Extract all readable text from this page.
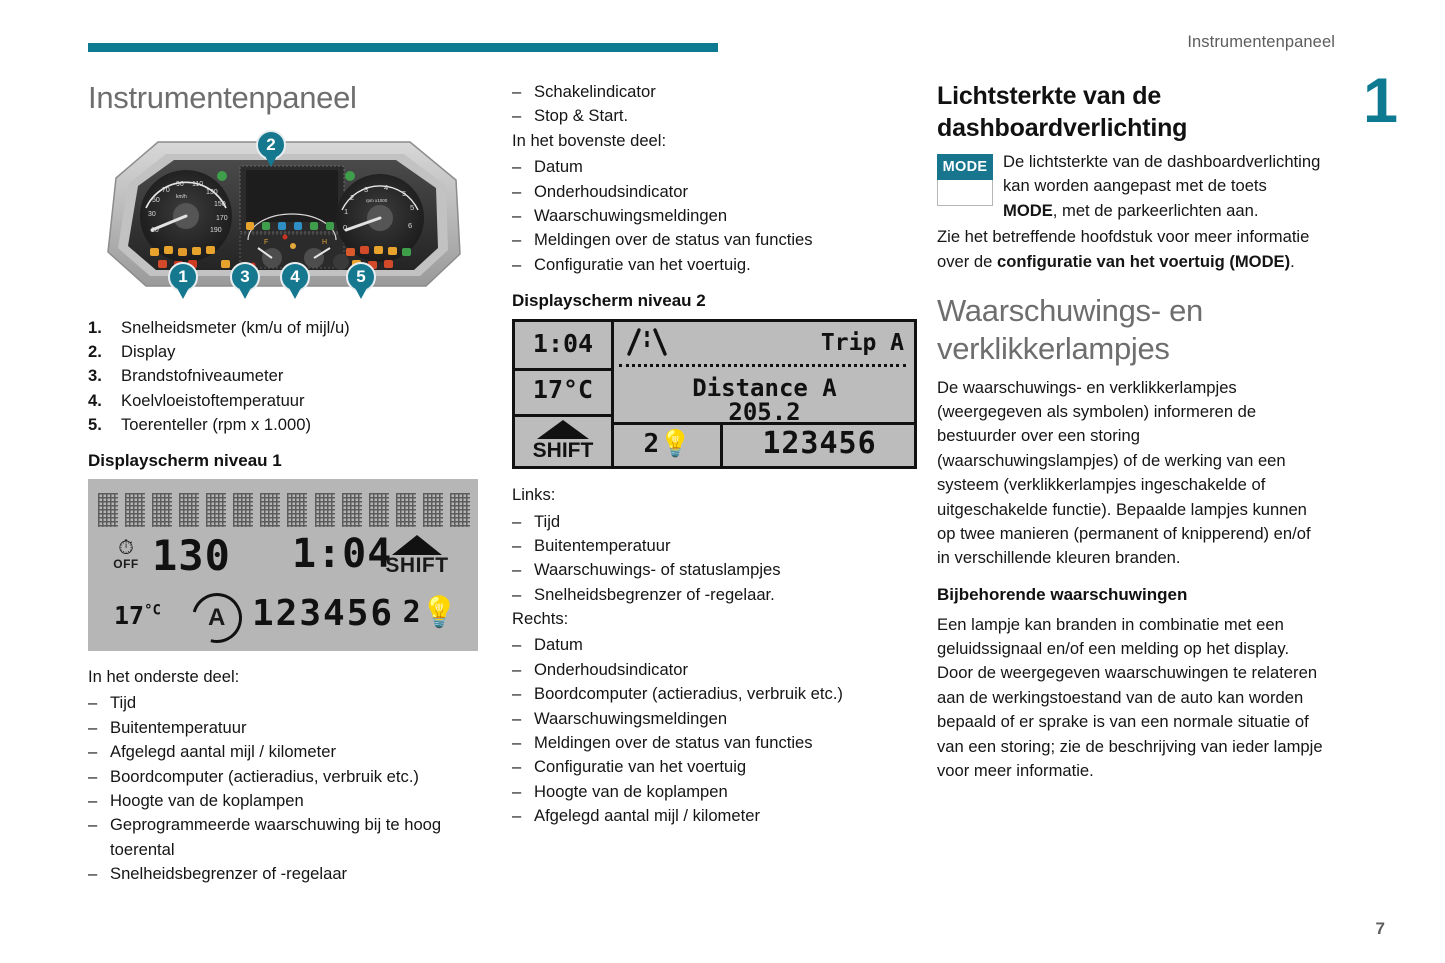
Instrumentenpaneel
1
7
Instrumentenpaneel
10
30
50
70
90 110
130
150
170
190
km/h
0
1
2
3 4
5
5
6
rpm x1000
F	H
2
1	3	4	5
1. Snelheidsmeter (km/u of mijl/u)
2. Display
3. Brandstofniveaumeter
4. Koelvloeistoftemperatuur
5. Toerenteller (rpm x 1.000)
Displayscherm niveau 1
⏱
OFF 130 1:04
SHIFT
$17^{^\circ C}$ A 123456 2💡

In het onderste deel:

– Tijd
– Buitentemperatuur
– Afgelegd aantal mijl / kilometer
– Boordcomputer (actieradius, verbruik etc.)
– Hoogte van de koplampen
– Geprogrammeerde waarschuwing bij te hoog toerental
– Snelheidsbegrenzer of -regelaar
– Schakelindicator
– Stop & Start.

In het bovenste deel:

– Datum
– Onderhoudsindicator
– Waarschuwingsmeldingen
– Meldingen over de status van functies
– Configuratie van het voertuig.
Displayscherm niveau 2
1:04
17°C
SHIFT
Trip A
Distance A
205.2
2💡	123456

Links:

– Tijd
– Buitentemperatuur
– Waarschuwings- of statuslampjes
– Snelheidsbegrenzer of -regelaar.

Rechts:

– Datum
– Onderhoudsindicator
– Boordcomputer (actieradius, verbruik etc.)
– Waarschuwingsmeldingen
– Meldingen over de status van functies
– Configuratie van het voertuig
– Hoogte van de koplampen
– Afgelegd aantal mijl / kilometer
Lichtsterkte van de dashboardverlichting
MODE De lichtsterkte van de dashboardverlichting kan worden aangepast met de toets MODE, met de parkeerlichten aan.

Zie het betreffende hoofdstuk voor meer informatie over de configuratie van het voertuig (MODE).

Waarschuwings- en verklikkerlampjes

De waarschuwings- en verklikkerlampjes (weergegeven als symbolen) informeren de bestuurder over een storing (waarschuwingslampjes) of de werking van een systeem (verklikkerlampjes ingeschakelde of uitgeschakelde functie). Bepaalde lampjes kunnen op twee manieren (permanent of knipperend) en/of in verschillende kleuren branden.

Bijbehorende waarschuwingen

Een lampje kan branden in combinatie met een geluidssignaal en/of een melding op het display. Door de weergegeven waarschuwingen te relateren aan de werkingstoestand van de auto kan worden bepaald of er sprake is van een normale situatie of van een storing; zie de beschrijving van ieder lampje voor meer informatie.
